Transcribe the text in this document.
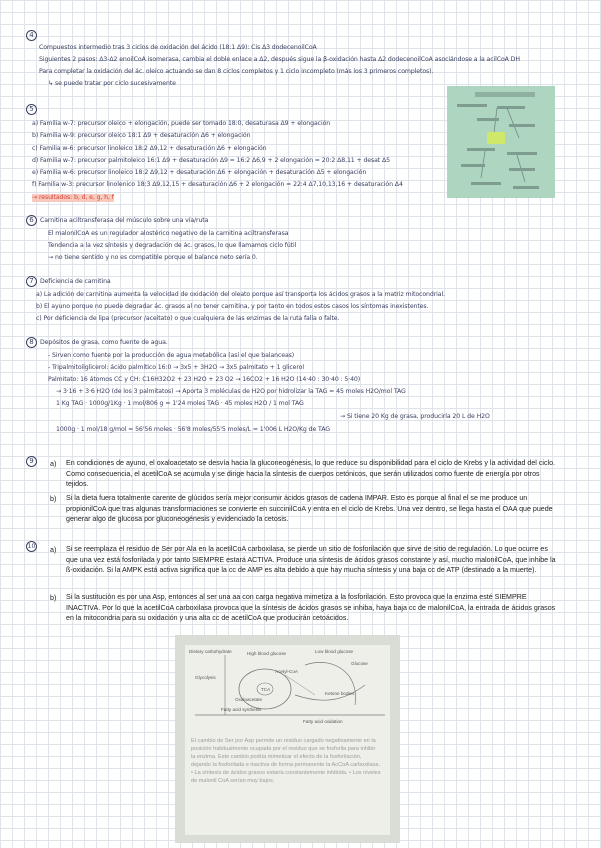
4
Compuestos intermedio tras 3 ciclos de oxidación del ácido (18:1 Δ9): Cis Δ3 dodecenoilCoA
Siguientes 2 pasos: Δ3-Δ2 enoilCoA isomerasa, cambia el doble enlace a Δ2, después sigue la β-oxidación hasta Δ2 dodecenoilCoA asociándose a la acilCoA DH
Para completar la oxidación del ác. oleico actuando se dan 8 ciclos completos y 1 ciclo incompleto (más los 3 primeros completos).
↳ se puede tratar por ciclo sucesivamente
5
a) Familia w-7: precursor oleico + elongación, puede ser tomado 18:0, desaturasa Δ9 + elongación
b) Familia w-9: precursor oleico 18:1 Δ9 + desaturación Δ6 + elongación
c) Familia w-6: precursor linoleico 18:2 Δ9,12 + desaturación Δ6 + elongación
d) Familia w-7: precursor palmitoleico 16:1 Δ9 + desaturación Δ9 = 16:2 Δ6,9 + 2 elongación = 20:2 Δ8,11 + desat Δ5
e) Familia w-6: precursor linoleico 18:2 Δ9,12 + desaturación Δ6 + elongación + desaturación Δ5 + elongación
f) Familia w-3: precursor linolenico 18:3 Δ9,12,15 + desaturación Δ6 + 2 elongación = 22:4 Δ7,10,13,16 + desaturación Δ4
→ resultados: b, d, e, g, h, f
6	Carnitina aciltransferasa del músculo sobre una vía/ruta
El malonilCoA es un regulador alostérico negativo de la carnitina aciltransferasa
Tendencia a la vez síntesis y degradación de ác. grasos, lo que llamamos ciclo fútil
→ no tiene sentido y no es compatible porque el balance neto sería 0.
7	Deficiencia de carnitina
a) La adición de carnitina aumenta la velocidad de oxidación del oleato porque así transporta los ácidos grasos a la matriz mitocondrial.
b) El ayuno porque no puede degradar ác. grasos al no tener carnitina, y por tanto en todos estos casos los síntomas inexistentes.
c) Por deficiencia de lipa (precursor /aceitato) o que cualquiera de las enzimas de la ruta falla o falte.
8	Depósitos de grasa, como fuente de agua.
- Sirven como fuente por la producción de agua metabólica (así el que balanceas)
- Tripalmitoilglicerol: ácido palmítico 16:0 → 3x5 + 3H2O → 3x5 palmitato + 1 glicerol
Palmitato: 16 átomos CC y CH: C16H32O2 + 23 H2O + 23 O2 → 16CO2 + 16 H2O (14·40 : 30·40 : 5·40)
→ 3·16 + 3·6 H2O (de los 3 palmitatos) → Aporta 3 moléculas de H2O por hidrolizar la TAG = 45 moles H2O/mol TAG
1 Kg TAG · 1000g/1Kg · 1 mol/806 g = 1'24 moles TAG · 45 moles H2O / 1 mol TAG
1000g · 1 mol/18 g/mol = 56'56 moles · 56'8 moles/55'5 moles/L = 1'006 L H2O/Kg de TAG
→ Si tiene 20 Kg de grasa, produciría 20 L de H2O
9	a) En condiciones de ayuno, el oxaloacetato se desvía hacia la gluconeogénesis, lo que reduce su disponibilidad para el ciclo de Krebs y la actividad del ciclo. Como consecuencia, el acetilCoA se acumula y se dirige hacia la síntesis de cuerpos cetónicos, que serán utilizados como fuente de energía por otros tejidos.
b) Si la dieta fuera totalmente carente de glúcidos sería mejor consumir ácidos grasos de cadena IMPAR. Esto es porque al final el se me produce un propionilCoA que tras algunas transformaciones se convierte en succinilCoA y entra en el ciclo de Krebs. Una vez dentro, se llega hasta el OAA que puede generar algo de glucosa por gluconeogénesis y evidenciado la cetosis.
10 a) Si se reemplaza el residuo de Ser por Ala en la acetilCoA carboxilasa, se pierde un sitio de fosforilación que sirve de sitio de regulación. Lo que ocurre es que una vez está fosforilada y por tanto SIEMPRE estará ACTIVA. Produce una síntesis de ácidos grasos constante y así, mucho malonilCoA, que inhibe la ß-oxidación. Si la AMPK está activa significa que la cc de AMP es alta debido a que hay mucha síntesis y una baja cc de ATP (destinado a la muerte).
b) Si la sustitución es por una Asp, entonces al ser una aa con carga negativa mimetiza a la fosforilación. Esto provoca que la enzima esté SIEMPRE INACTIVA. Por lo que la acetilCoA carboxilasa provoca que la síntesis de ácidos grasos se inhiba, haya baja cc de malonilCoA, la entrada de ácidos grasos en la mitocondria para su oxidación y una alta cc de acetilCoA que producirán cetoácidos.
Dietary carbohydrate
Glycolysis
High blood glucose
Fatty acid synthesis
Acetyl-CoA
TCA
Oxaloacetate
Ketone bodies
Low blood glucose
Fatty acid oxidation
Glucose
El cambio de Ser por Asp permite un residuo cargado negativamente en la posición habitualmente ocupada por el residuo que se fosforila para inhibir la enzima. Este cambio podría mimetizar el efecto de la fosforilación, dejando la fosforilada e inactiva de forma permanente la AcCoA carboxilasa. • La síntesis de ácidos grasos estaría constantemente inhibida. • Los niveles de malonil CoA serían muy bajos.
